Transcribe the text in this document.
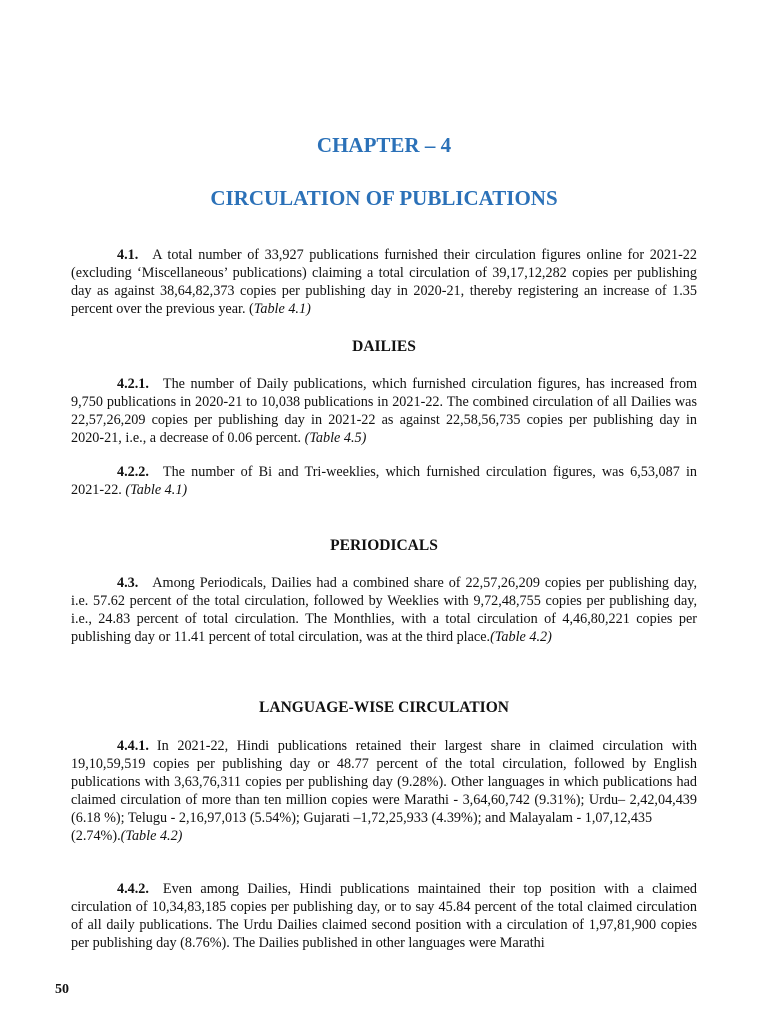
CHAPTER – 4
CIRCULATION OF PUBLICATIONS

4.1. A total number of 33,927 publications furnished their circulation figures online for 2021-22 (excluding ‘Miscellaneous’ publications) claiming a total circulation of 39,17,12,282 copies per publishing day as against 38,64,82,373 copies per publishing day in 2020-21, thereby registering an increase of 1.35 percent over the previous year. (Table 4.1)

DAILIES

4.2.1. The number of Daily publications, which furnished circulation figures, has increased from 9,750 publications in 2020-21 to 10,038 publications in 2021-22. The combined circulation of all Dailies was 22,57,26,209 copies per publishing day in 2021-22 as against 22,58,56,735 copies per publishing day in 2020-21, i.e., a decrease of 0.06 percent. (Table 4.5)

4.2.2. The number of Bi and Tri-weeklies, which furnished circulation figures, was 6,53,087 in 2021-22. (Table 4.1)

PERIODICALS

4.3. Among Periodicals, Dailies had a combined share of 22,57,26,209 copies per publishing day, i.e. 57.62 percent of the total circulation, followed by Weeklies with 9,72,48,755 copies per publishing day, i.e., 24.83 percent of total circulation. The Monthlies, with a total circulation of 4,46,80,221 copies per publishing day or 11.41 percent of total circulation, was at the third place.(Table 4.2)

LANGUAGE-WISE CIRCULATION

4.4.1. In 2021-22, Hindi publications retained their largest share in claimed circulation with 19,10,59,519 copies per publishing day or 48.77 percent of the total circulation, followed by English publications with 3,63,76,311 copies per publishing day (9.28%). Other languages in which publications had claimed circulation of more than ten million copies were Marathi - 3,64,60,742 (9.31%); Urdu– 2,42,04,439 (6.18 %); Telugu - 2,16,97,013 (5.54%); Gujarati –1,72,25,933 (4.39%); and Malayalam - 1,07,12,435
(2.74%).(Table 4.2)

4.4.2. Even among Dailies, Hindi publications maintained their top position with a claimed circulation of 10,34,83,185 copies per publishing day, or to say 45.84 percent of the total claimed circulation of all daily publications. The Urdu Dailies claimed second position with a circulation of 1,97,81,900 copies per publishing day (8.76%). The Dailies published in other languages were Marathi

50
